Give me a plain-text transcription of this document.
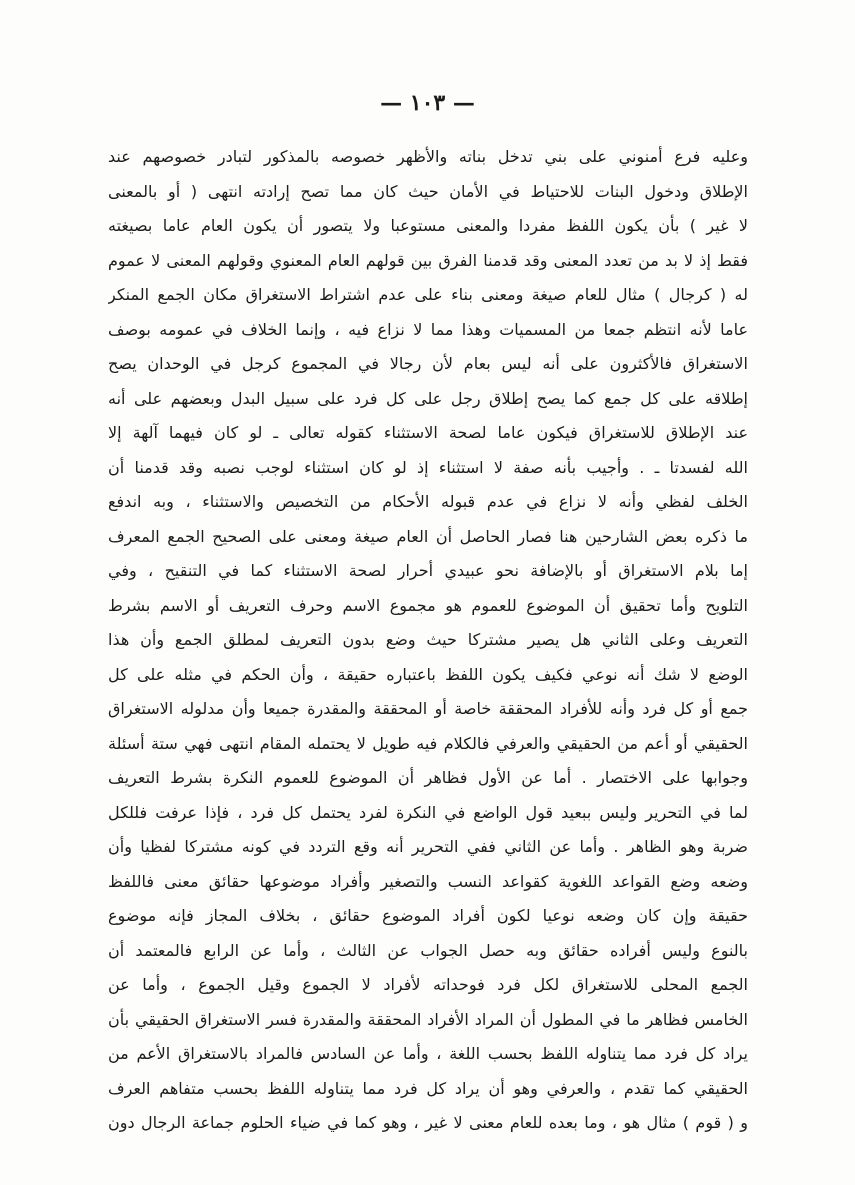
— ١٠٣ —
وعليه فرع أمنوني على بني تدخل بناته والأظهر خصوصه بالمذكور لتبادر خصوصهم عند
الإطلاق ودخول البنات للاحتياط في الأمان حيث كان مما تصح إرادته انتهى ( أو بالمعنى
لا غير ) بأن يكون اللفظ مفردا والمعنى مستوعبا ولا يتصور أن يكون العام عاما بصيغته
فقط إذ لا بد من تعدد المعنى وقد قدمنا الفرق بين قولهم العام المعنوي وقولهم المعنى لا عموم
له ( كرجال ) مثال للعام صيغة ومعنى بناء على عدم اشتراط الاستغراق مكان الجمع المنكر
عاما لأنه انتظم جمعا من المسميات وهذا مما لا نزاع فيه ، وإنما الخلاف في عمومه بوصف
الاستغراق فالأكثرون على أنه ليس بعام لأن رجالا في المجموع كرجل في الوحدان يصح
إطلاقه على كل جمع كما يصح إطلاق رجل على كل فرد على سبيل البدل وبعضهم على أنه
عند الإطلاق للاستغراق فيكون عاما لصحة الاستثناء كقوله تعالى ـ لو كان فيهما آلهة إلا
الله لفسدتا ـ . وأجيب بأنه صفة لا استثناء إذ لو كان استثناء لوجب نصبه وقد قدمنا أن
الخلف لفظي وأنه لا نزاع في عدم قبوله الأحكام من التخصيص والاستثناء ، وبه اندفع
ما ذكره بعض الشارحين هنا فصار الحاصل أن العام صيغة ومعنى على الصحيح الجمع المعرف
إما بلام الاستغراق أو بالإضافة نحو عبيدي أحرار لصحة الاستثناء كما في التنقيح ، وفي
التلويح وأما تحقيق أن الموضوع للعموم هو مجموع الاسم وحرف التعريف أو الاسم بشرط
التعريف وعلى الثاني هل يصير مشتركا حيث وضع بدون التعريف لمطلق الجمع وأن هذا
الوضع لا شك أنه نوعي فكيف يكون اللفظ باعتباره حقيقة ، وأن الحكم في مثله على كل
جمع أو كل فرد وأنه للأفراد المحققة خاصة أو المحققة والمقدرة جميعا وأن مدلوله الاستغراق
الحقيقي أو أعم من الحقيقي والعرفي فالكلام فيه طويل لا يحتمله المقام انتهى فهي ستة أسئلة
وجوابها على الاختصار . أما عن الأول فظاهر أن الموضوع للعموم النكرة بشرط التعريف
لما في التحرير وليس ببعيد قول الواضع في النكرة لفرد يحتمل كل فرد ، فإذا عرفت فللكل
ضربة وهو الظاهر . وأما عن الثاني ففي التحرير أنه وقع التردد في كونه مشتركا لفظيا وأن
وضعه وضع القواعد اللغوية كقواعد النسب والتصغير وأفراد موضوعها حقائق معنى فاللفظ
حقيقة وإن كان وضعه نوعيا لكون أفراد الموضوع حقائق ، بخلاف المجاز فإنه موضوع
بالنوع وليس أفراده حقائق وبه حصل الجواب عن الثالث ، وأما عن الرابع فالمعتمد أن
الجمع المحلى للاستغراق لكل فرد فوحداته لأفراد لا الجموع وقيل الجموع ، وأما عن
الخامس فظاهر ما في المطول أن المراد الأفراد المحققة والمقدرة فسر الاستغراق الحقيقي بأن
يراد كل فرد مما يتناوله اللفظ بحسب اللغة ، وأما عن السادس فالمراد بالاستغراق الأعم من
الحقيقي كما تقدم ، والعرفي وهو أن يراد كل فرد مما يتناوله اللفظ بحسب متفاهم العرف
و ( قوم ) مثال هو ، وما بعده للعام معنى لا غير ، وهو كما في ضياء الحلوم جماعة الرجال دون
